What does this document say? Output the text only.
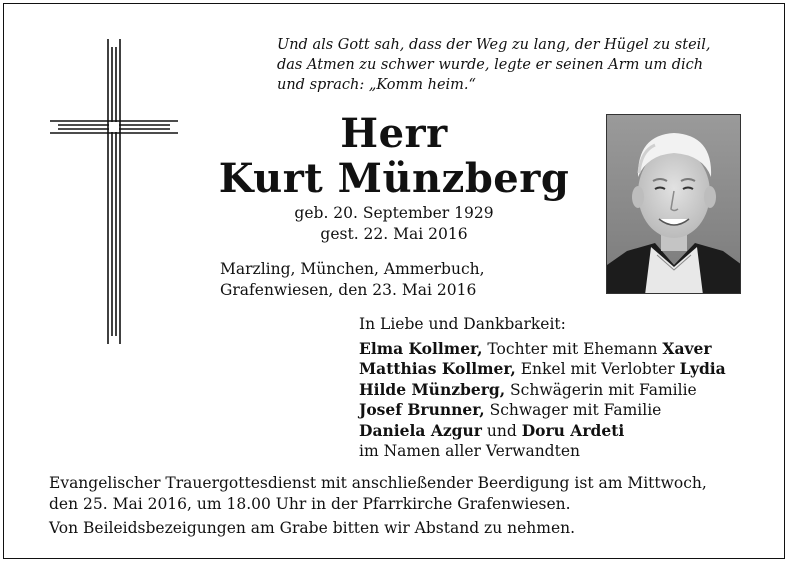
Und als Gott sah, dass der Weg zu lang, der Hügel zu steil,
das Atmen zu schwer wurde, legte er seinen Arm um dich
und sprach: „Komm heim.“
Herr
Kurt Münzberg
geb. 20. September 1929
gest. 22. Mai 2016
Marzling, München, Ammerbuch,
Grafenwiesen, den 23. Mai 2016
In Liebe und Dankbarkeit:
Elma Kollmer, Tochter mit Ehemann Xaver
Matthias Kollmer, Enkel mit Verlobter Lydia
Hilde Münzberg, Schwägerin mit Familie
Josef Brunner, Schwager mit Familie
Daniela Azgur und Doru Ardeti
im Namen aller Verwandten
Evangelischer Trauergottesdienst mit anschließender Beerdigung ist am Mittwoch,
den 25. Mai 2016, um 18.00 Uhr in der Pfarrkirche Grafenwiesen.
Von Beileidsbezeigungen am Grabe bitten wir Abstand zu nehmen.
